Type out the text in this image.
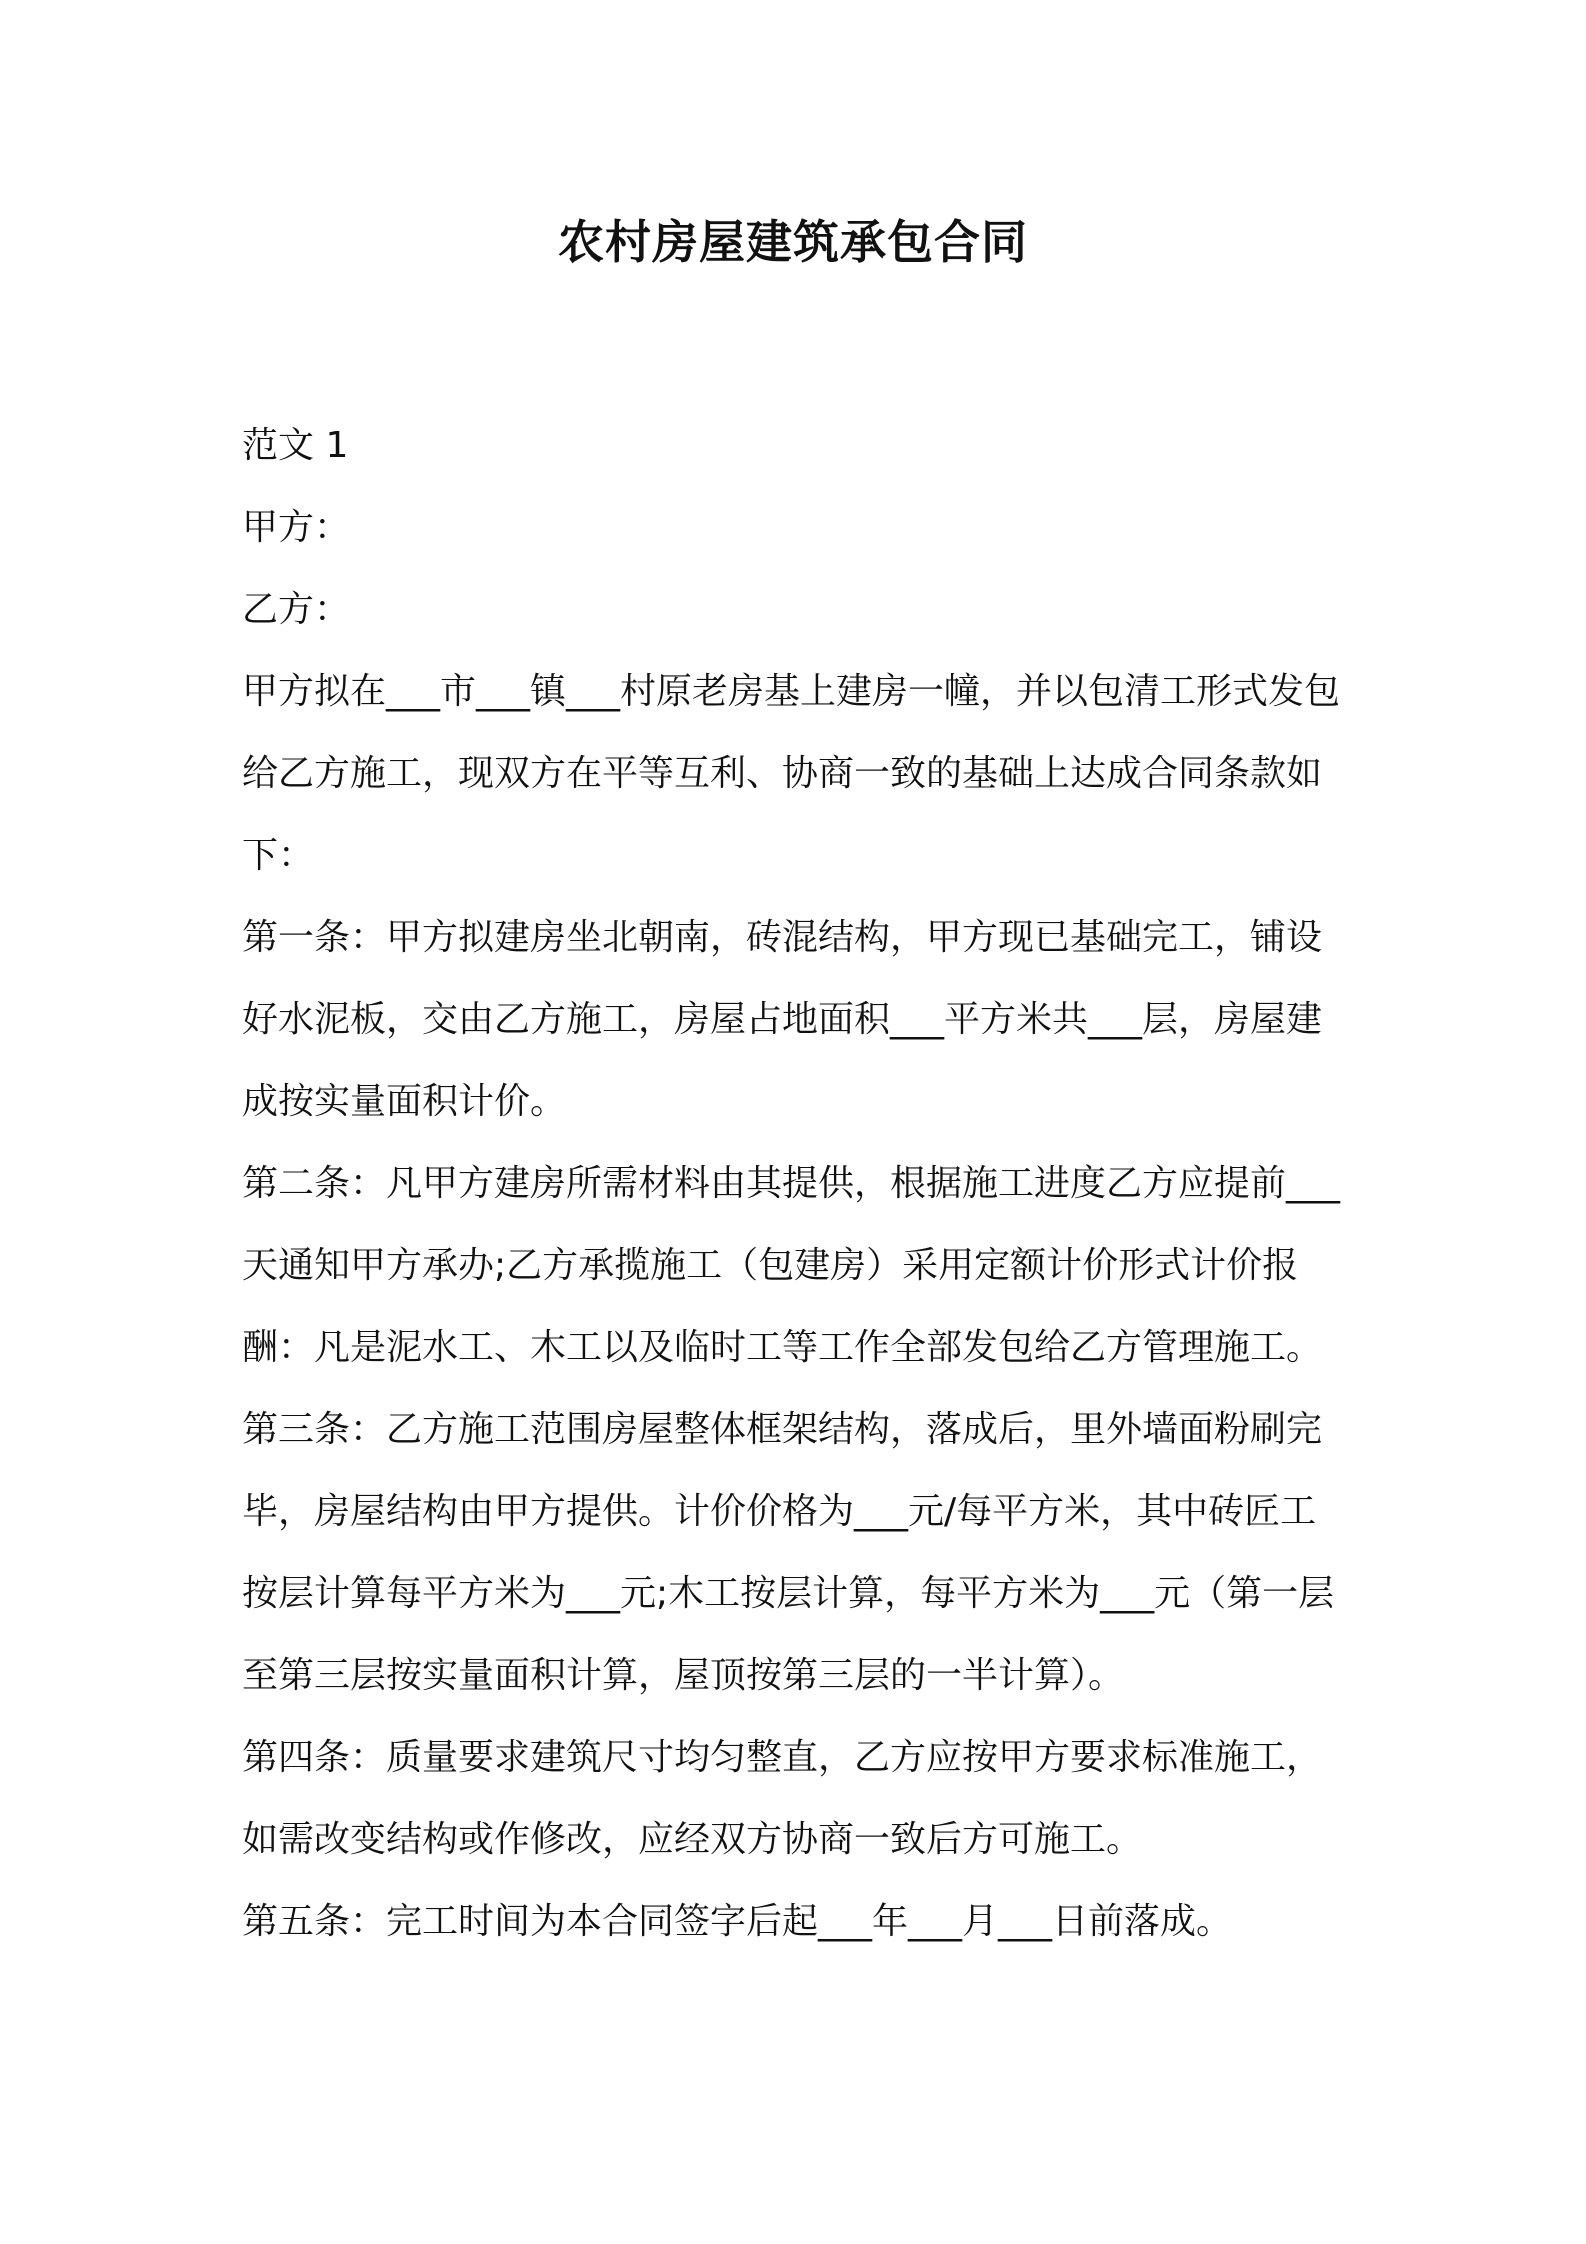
农村房屋建筑承包合同

范文 1

甲方：

乙方：

甲方拟在___市___镇___村原老房基上建房一幢，并以包清工形式发包给乙方施工，现双方在平等互利、协商一致的基础上达成合同条款如下：

第一条：甲方拟建房坐北朝南，砖混结构，甲方现已基础完工，铺设好水泥板，交由乙方施工，房屋占地面积___平方米共___层，房屋建成按实量面积计价。

第二条：凡甲方建房所需材料由其提供，根据施工进度乙方应提前___天通知甲方承办;乙方承揽施工（包建房）采用定额计价形式计价报酬：凡是泥水工、木工以及临时工等工作全部发包给乙方管理施工。

第三条：乙方施工范围房屋整体框架结构，落成后，里外墙面粉刷完毕，房屋结构由甲方提供。计价价格为___元/每平方米，其中砖匠工按层计算每平方米为___元;木工按层计算，每平方米为___元（第一层至第三层按实量面积计算，屋顶按第三层的一半计算）。

第四条：质量要求建筑尺寸均匀整直，乙方应按甲方要求标准施工，如需改变结构或作修改，应经双方协商一致后方可施工。

第五条：完工时间为本合同签字后起___年___月___日前落成。
